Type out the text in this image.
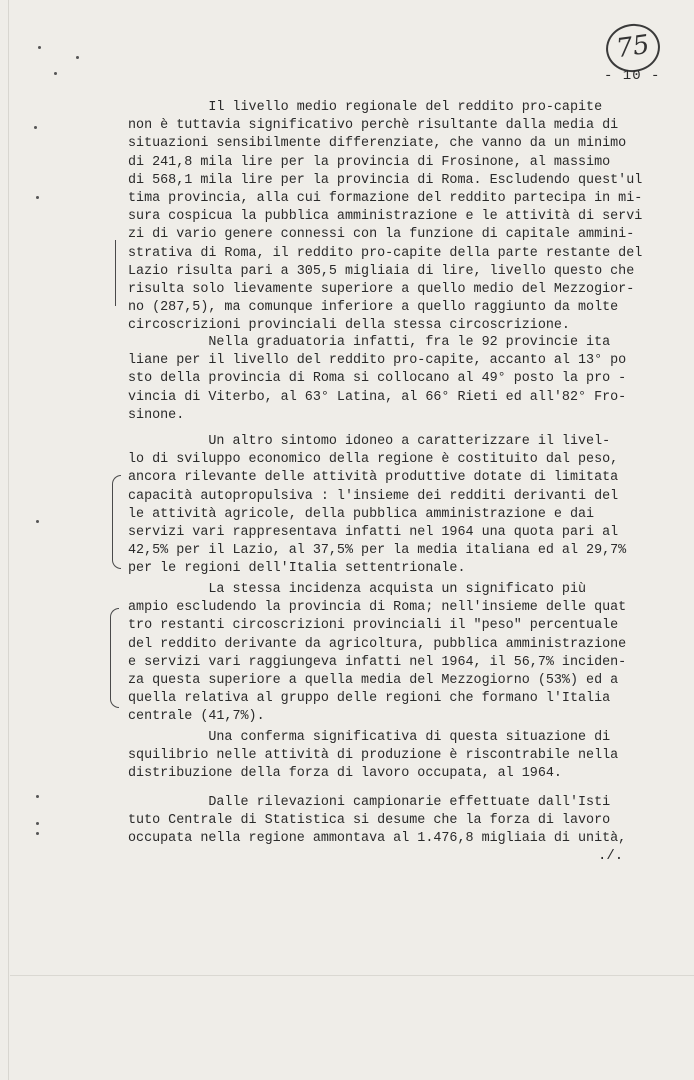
75
- 10 -
Il livello medio regionale del reddito pro-capite
non è tuttavia significativo perchè risultante dalla media di
situazioni sensibilmente differenziate, che vanno da un minimo
di 241,8 mila lire per la provincia di Frosinone, al massimo
di 568,1 mila lire per la provincia di Roma. Escludendo quest'ul
tima provincia, alla cui formazione del reddito partecipa in mi-
sura cospicua la pubblica amministrazione e le attività di servi
zi di vario genere connessi con la funzione di capitale ammini-
strativa di Roma, il reddito pro-capite della parte restante del
Lazio risulta pari a 305,5 migliaia di lire, livello questo che
risulta solo lievamente superiore a quello medio del Mezzogior-
no (287,5), ma comunque inferiore a quello raggiunto da molte
circoscrizioni provinciali della stessa circoscrizione.
Nella graduatoria infatti, fra le 92 provincie ita
liane per il livello del reddito pro-capite, accanto al 13° po
sto della provincia di Roma si collocano al 49° posto la pro -
vincia di Viterbo, al 63° Latina, al 66° Rieti ed all'82° Fro-
sinone.
Un altro sintomo idoneo a caratterizzare il livel-
lo di sviluppo economico della regione è costituito dal peso,
ancora rilevante delle attività produttive dotate di limitata
capacità autopropulsiva : l'insieme dei redditi derivanti del
le attività agricole, della pubblica amministrazione e dai
servizi vari rappresentava infatti nel 1964 una quota pari al
42,5% per il Lazio, al 37,5% per la media italiana ed al 29,7%
per le regioni dell'Italia settentrionale.
La stessa incidenza acquista un significato più
ampio escludendo la provincia di Roma; nell'insieme delle quat
tro restanti circoscrizioni provinciali il "peso" percentuale
del reddito derivante da agricoltura, pubblica amministrazione
e servizi vari raggiungeva infatti nel 1964, il 56,7% inciden-
za questa superiore a quella media del Mezzogiorno (53%) ed a
quella relativa al gruppo delle regioni che formano l'Italia
centrale (41,7%).
Una conferma significativa di questa situazione di
squilibrio nelle attività di produzione è riscontrabile nella
distribuzione della forza di lavoro occupata, al 1964.
Dalle rilevazioni campionarie effettuate dall'Isti
tuto Centrale di Statistica si desume che la forza di lavoro
occupata nella regione ammontava al 1.476,8 migliaia di unità,
./.
